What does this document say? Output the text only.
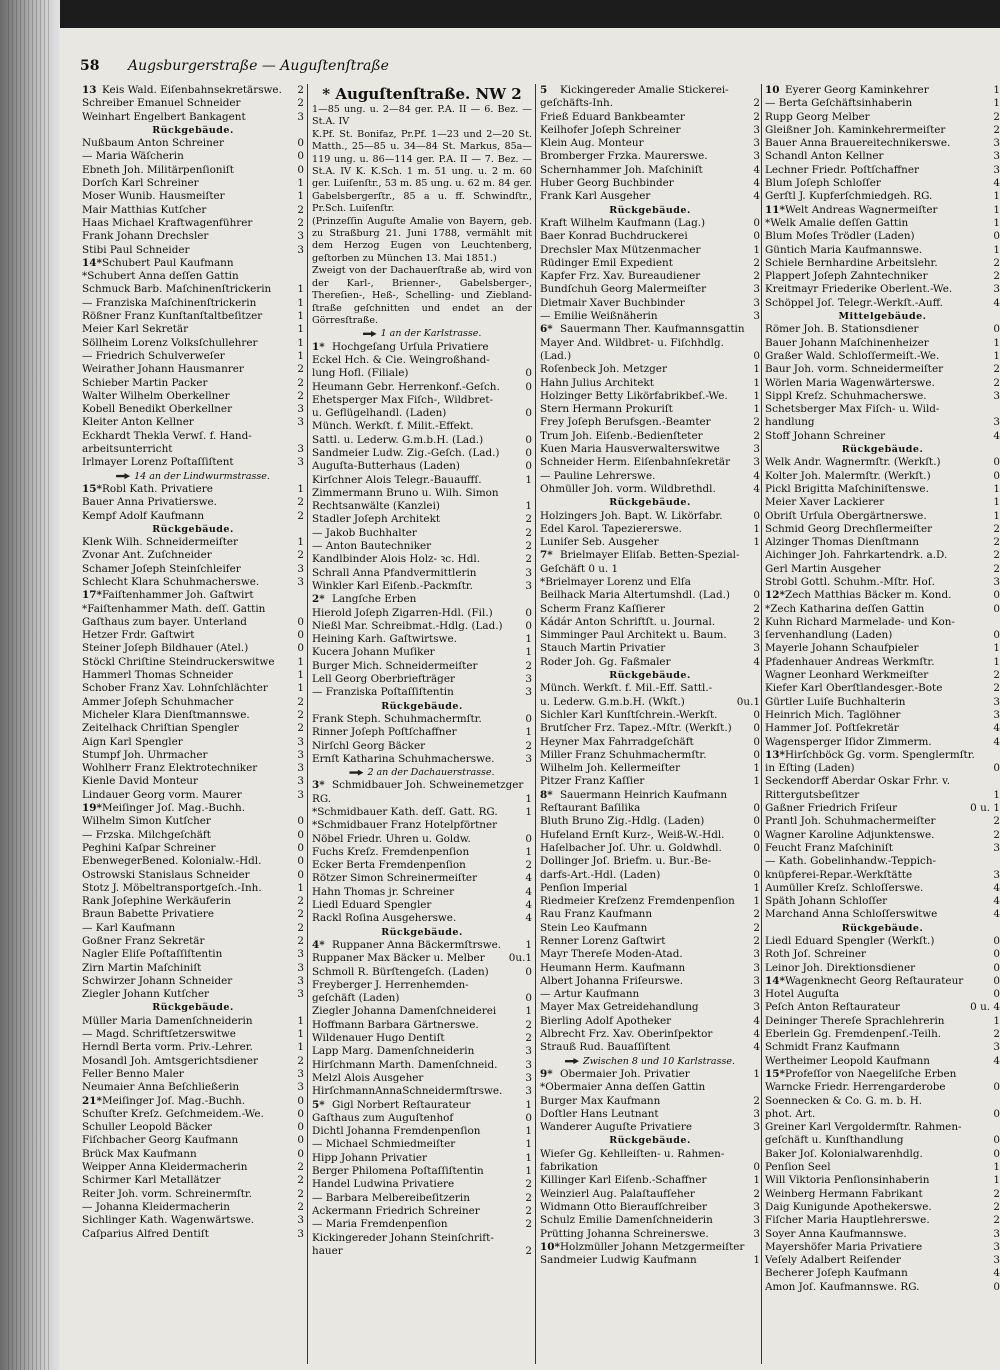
58 Augsburgerstraße — Auguſtenſtraße
13 Keis Wald. Eiſenbahnsekretärswe. 2
Schreiber Emanuel Schneider	2
Weinhart Engelbert Bankagent	3
Rückgebäude.
Nußbaum Anton Schreiner	0
— Maria Wäſcherin	0
Ebneth Joh. Militärpenſioniſt	0
Dorſch Karl Schreiner	1
Moser Wunib. Hausmeiſter	1
Mair Matthias Kutſcher	2
Haas Michael Kraftwagenführer	2
Frank Johann Drechsler	3
Stibi Paul Schneider	3
14*Schubert Paul Kaufmann
*Schubert Anna deſſen Gattin
Schmuck Barb. Maſchinenſtrickerin	1
— Franziska Maſchinenſtrickerin	1
Rößner Franz Kunſtanſtaltbeſitzer	1
Meier Karl Sekretär	1
Söllheim Lorenz Volksſchullehrer	1
— Friedrich Schulverweſer	1
Weirather Johann Hausmanrer	2
Schieber Martin Packer	2
Walter Wilhelm Oberkellner	2
Kobell Benedikt Oberkellner	3
Kleiter Anton Kellner	3
Eckhardt Thekla Verwſ. f. Hand-
arbeitsunterricht	3
Irlmayer Lorenz Poſtaſſiſtent	3
14 an der Lindwurmstrasse.
15*Robl Kath. Privatiere	1
Bauer Anna Privatierswe.	2
Kempf Adolf Kaufmann	2
Rückgebäude.
Klenk Wilh. Schneidermeiſter	1
Zvonar Ant. Zuſchneider	2
Schamer Joſeph Steinſchleifer	3
Schlecht Klara Schuhmacherswe.	3
17*Faiſtenhammer Joh. Gaſtwirt
*Faiſtenhammer Math. deſſ. Gattin
Gaſthaus zum bayer. Unterland	0
Hetzer Frdr. Gaſtwirt	0
Steiner Joſeph Bildhauer (Atel.)	0
Stöckl Chriſtine Steindruckerswitwe 1
Hammerl Thomas Schneider	1
Schober Franz Xav. Lohnſchlächter	1
Ammer Joſeph Schuhmacher	2
Micheler Klara Dienſtmannswe.	2
Zeitelhack Chriſtian Spengler	2
Aign Karl Spengler	3
Stumpf Joh. Uhrmacher	3
Wohlherr Franz Elektrotechniker	3
Kienle David Monteur	3
Lindauer Georg vorm. Maurer	3
19*Meiſinger Joſ. Mag.-Buchh.
Wilhelm Simon Kutſcher	0
— Frzska. Milchgeſchäft	0
Peghini Kaſpar Schreiner	0
EbenwegerBened. Kolonialw.-Hdl.	0
Ostrowski Stanislaus Schneider	0
Stotz J. Möbeltransportgeſch.-Inh.	1
Rank Joſephine Werkäuferin	2
Braun Babette Privatiere	2
— Karl Kaufmann	2
Goßner Franz Sekretär	2
Nagler Eliſe Poſtaſſiſtentin	3
Zirn Martin Maſchiniſt	3
Schwirzer Johann Schneider	3
Ziegler Johann Kutſcher	3
Rückgebäude.
Müller Maria Damenſchneiderin	1
— Magd. Schriftſetzerswitwe	1
Herndl Berta vorm. Priv.-Lehrer.	1
Mosandl Joh. Amtsgerichtsdiener	2
Feller Benno Maler	3
Neumaier Anna Beſchließerin	3
21*Meiſinger Joſ. Mag.-Buchh.	0
Schuſter Kreſz. Geſchmeidem.-We.	0
Schuller Leopold Bäcker	0
Fiſchbacher Georg Kaufmann	0
Brück Max Kaufmann	0
Weipper Anna Kleidermacherin	2
Schirmer Karl Metallätzer	2
Reiter Joh. vorm. Schreinermſtr.	2
— Johanna Kleidermacherin	2
Sichlinger Kath. Wagenwärtswe.	3
Caſparius Alfred Dentiſt	3
* Auguſtenſtraße. NW 2
1—85 ung. u. 2—84 ger. P.A. II — 6. Bez. — St.A. IV
K.Pf. St. Bonifaz, Pr.Pf. 1—23 und 2—20 St. Matth., 25—85 u. 34—84 St. Markus, 85a—119 ung. u. 86—114 ger. P.A. II — 7. Bez. — St.A. IV K. K.Sch. 1 m. 51 ung. u. 2 m. 60 ger. Luiſenſtr., 53 m. 85 ung. u. 62 m. 84 ger. Gabelsbergerſtr., 85 a u. ff. Schwindſtr., Pr.Sch. Luiſenſtr.
(Prinzeſſin Auguſte Amalie von Bayern, geb. zu Straßburg 21. Juni 1788, vermählt mit dem Herzog Eugen von Leuchtenberg, geſtorben zu München 13. Mai 1851.)
Zweigt von der Dachauerſtraße ab, wird von der Karl-, Brienner-, Gabelsberger-, Thereſien-, Heß-, Schelling- und Zieblandſtraße geſchnitten und endet an der Görresſtraße.
1 an der Karlstrasse.
1* Hochgeſang Urſula Privatiere
Eckel Hch. & Cie. Weingroßhand-
lung Hofl. (Filiale)	0
Heumann Gebr. Herrenkonf.-Geſch. 0
Ehetsperger Max Fiſch-, Wildbret-
u. Geflügelhandl. (Laden)	0
Münch. Werkſt. f. Milit.-Effekt.
Sattl. u. Lederw. G.m.b.H. (Lad.)	0
Sandmeier Ludw. Zig.-Geſch. (Lad.) 0
Auguſta-Butterhaus (Laden)	0
Kirſchner Alois Telegr.-Bauauffſ.	1
Zimmermann Bruno u. Wilh. Simon
Rechtsanwälte (Kanzlei)	1
Stadler Joſeph Architekt	2
— Jakob Buchhalter	2
— Anton Bautechniker	2
Kandlbinder Alois Holz- ꝛc. Hdl.	2
Schrall Anna Pfandvermittlerin	3
Winkler Karl Eiſenb.-Packmſtr.	3
2* Langſche Erben
Hierold Joſeph Zigarren-Hdl. (Fil.)	0
Nießl Mar. Schreibmat.-Hdlg. (Lad.) 0
Heining Karh. Gaſtwirtswe.	1
Kucera Johann Muſiker	1
Burger Mich. Schneidermeiſter	2
Lell Georg Oberbriefträger	3
— Franziska Poſtaſſiſtentin	3
Rückgebäude.
Frank Steph. Schuhmachermſtr.	0
Rinner Joſeph Poſtſchaffner	1
Nirſchl Georg Bäcker	2
Ernſt Katharina Schuhmacherswe.	3
2 an der Dachauerstrasse.
3* Schmidbauer Joh. Schweinemetzger
RG.	1
*Schmidbauer Kath. deſſ. Gatt. RG.	1
*Schmidbauer Franz Hotelpförtner
Nöbel Friedr. Uhren u. Goldw.	0
Fuchs Kreſz. Fremdenpenſion	1
Ecker Berta Fremdenpenſion	2
Rötzer Simon Schreinermeiſter	4
Hahn Thomas jr. Schreiner	4
Liedl Eduard Spengler	4
Rackl Roſina Ausgeherswe.	4
Rückgebäude.
4* Ruppaner Anna Bäckermſtrswe. 1
Ruppaner Max Bäcker u. Melber 0u.1
Schmoll R. Bürſtengeſch. (Laden)	0
Freyberger J. Herrenhemden-
geſchäft (Laden)	0
Ziegler Johanna Damenſchneiderei	1
Hoffmann Barbara Gärtnerswe.	2
Wildenauer Hugo Dentiſt	2
Lapp Marg. Damenſchneiderin	3
Hirſchmann Marth. Damenſchneid.	3
Melzl Alois Ausgeher	3
HirſchmannAnnaSchneidermſtrswe. 3
5* Gigl Norbert Reſtaurateur	1
Gaſthaus zum Auguſtenhof	0
Dichtl Johanna Fremdenpenſion	1
— Michael Schmiedmeiſter	1
Hipp Johann Privatier	1
Berger Philomena Poſtaſſiſtentin	1
Handel Ludwina Privatiere	2
— Barbara Melbereibeſitzerin	2
Ackermann Friedrich Schreiner	2
— Maria Fremdenpenſion	2
Kickingereder Johann Steinſchrift-
hauer	2
5 Kickingereder Amalie Stickerei-
geſchäfts-Inh.	2
Frieß Eduard Bankbeamter	2
Keilhofer Joſeph Schreiner	3
Klein Aug. Monteur	3
Bromberger Frzka. Maurerswe.	3
Schernhammer Joh. Maſchiniſt	4
Huber Georg Buchbinder	4
Frank Karl Ausgeher	4
Rückgebäude.
Kraft Wilhelm Kaufmann (Lag.)	0
Baer Konrad Buchdruckerei	0
Drechsler Max Mützenmacher	1
Rüdinger Emil Expedient	2
Kapfer Frz. Xav. Bureaudiener	2
Bundſchuh Georg Malermeiſter	3
Dietmair Xaver Buchbinder	3
— Emilie Weißnäherin	3
6* Sauermann Ther. Kaufmannsgattin
Mayer And. Wildbret- u. Fiſchhdlg.
(Lad.)	0
Roſenbeck Joh. Metzger	1
Hahn Julius Architekt	1
Holzinger Betty Likörfabrikbeſ.-We. 1
Stern Hermann Prokuriſt	1
Frey Joſeph Berufsgen.-Beamter	2
Trum Joh. Eiſenb.-Bedienſteter	2
Kuen Maria Hausverwalterswitwe	3
Schneider Herm. Eiſenbahnſekretär 3
— Pauline Lehrerswe.	4
Ohmüller Joh. vorm. Wildbrethdl.	4
Rückgebäude.
Holzingers Joh. Bapt. W. Likörfabr.	0
Edel Karol. Tapeziererswe.	1
Luniſer Seb. Ausgeher	1
7* Brielmayer Eliſab. Betten-Spezial-
Geſchäft 0 u. 1
*Brielmayer Lorenz und Elſa
Beilhack Maria Altertumshdl. (Lad.) 0
Scherm Franz Kaſſierer	2
Kádár Anton Schriftſt. u. Journal.	2
Simminger Paul Architekt u. Baum.	3
Stauch Martin Privatier	3
Roder Joh. Gg. Faßmaler	4
Rückgebäude.
Münch. Werkſt. f. Mil.-Eff. Sattl.-
u. Lederw. G.m.b.H. (Wkſt.)	0u.1
Sichler Karl Kunſtſchrein.-Werkſt.	0
Brutſcher Frz. Tapez.-Mſtr. (Werkſt.) 0
Heyner Max Fahrradgeſchäft	0
Miller Franz Schuhmachermſtr.	0
Wilhelm Joh. Kellermeiſter	1
Pitzer Franz Kaſſier	1
8* Sauermann Heinrich Kaufmann
Reſtaurant Baſilika	0
Bluth Bruno Zig.-Hdlg. (Laden)	0
Hufeland Ernſt Kurz-, Weiß-W.-Hdl.	0
Haſelbacher Joſ. Uhr. u. Goldwhdl.	0
Dollinger Joſ. Briefm. u. Bur.-Be-
darfs-Art.-Hdl. (Laden)	0
Penſion Imperial	1
Riedmeier Kreſzenz Fremdenpenſion 1
Rau Franz Kaufmann	2
Stein Leo Kaufmann	2
Renner Lorenz Gaſtwirt	2
Mayr Thereſe Moden-Atad.	3
Heumann Herm. Kaufmann	3
Albert Johanna Friſeurswe.	3
— Artur Kaufmann	3
Mayer Max Getreidehandlung	3
Bierling Adolf Apotheker	4
Albrecht Frz. Xav. Oberinſpektor	4
Strauß Rud. Bauaſſiſtent	4
Zwischen 8 und 10 Karlstrasse.
9* Obermaier Joh. Privatier	1
*Obermaier Anna deſſen Gattin
Burger Max Kaufmann	2
Doſtler Hans Leutnant	3
Wanderer Auguſte Privatiere	3
Rückgebäude.
Wieſer Gg. Kehlleiſten- u. Rahmen-
fabrikation	0
Killinger Karl Eiſenb.-Schaffner	1
Weinzierl Aug. Palaſtaufſeher	2
Widmann Otto Bieraufſchreiber	3
Schulz Emilie Damenſchneiderin	3
Prütting Johanna Schreinerswe.	3
10*Holzmüller Johann Metzgermeiſter
Sandmeier Ludwig Kaufmann	1
10 Eyerer Georg Kaminkehrer	1
— Berta Geſchäftsinhaberin	1
Rupp Georg Melber	2
Gleißner Joh. Kaminkehrermeiſter	2
Bauer Anna Brauereitechnikerswe.	3
Schandl Anton Kellner	3
Lechner Friedr. Poſtſchaffner	3
Blum Joſeph Schloſſer	4
Gerſtl J. Kupferſchmiedgeh. RG.	1
11*Welt Andreas Wagnermeiſter	1
*Welk Amalie deſſen Gattin	1
Blum Moſes Trödler (Laden)	0
Güntich Maria Kaufmannswe.	1
Schiele Bernhardine Arbeitslehr.	2
Plappert Joſeph Zahntechniker	2
Kreitmayr Friederike Oberlent.-We.	3
Schöppel Joſ. Telegr.-Werkſt.-Auff.	4
Mittelgebäude.
Römer Joh. B. Stationsdiener	0
Bauer Johann Maſchinenheizer	1
Graßer Wald. Schloſſermeiſt.-We.	1
Baur Joh. vorm. Schneidermeiſter	2
Wörlen Maria Wagenwärterswe.	2
Sippl Kreſz. Schuhmacherswe.	3
Schetsberger Max Fiſch- u. Wild-
handlung	3
Stoff Johann Schreiner	4
Rückgebäude.
Welk Andr. Wagnermſtr. (Werkſt.)	0
Kolter Joh. Malermſtr. (Werkſt.)	0
Pickl Brigitta Maſchiniſtenswe.	1
Meier Xaver Lackierer	1
Obriſt Urſula Obergärtnerswe.	1
Schmid Georg Drechſlermeiſter	2
Alzinger Thomas Dienſtmann	2
Aichinger Joh. Fahrkartendrk. a.D.	2
Gerl Martin Ausgeher	2
Strobl Gottl. Schuhm.-Mſtr. Hoſ.	3
12*Zech Matthias Bäcker m. Kond.	0
*Zech Katharina deſſen Gattin	0
Kuhn Richard Marmelade- und Kon-
ſervenhandlung (Laden)	0
Mayerle Johann Schaufpieler	1
Pfadenhauer Andreas Werkmſtr.	1
Wagner Leonhard Werkmeiſter	2
Kiefer Karl Oberſtlandesger.-Bote	2
Gürtler Luiſe Buchhalterin	3
Heinrich Mich. Taglöhner	3
Hammer Joſ. Poſtſekretär	4
Wagensperger Iſidor Zimmerm.	4
13*Hirſchböck Gg. vorm. Spenglermſtr.
in Eſting (Laden)	0
Seckendorff Aberdar Oskar Frhr. v.
Rittergutsbeſitzer	1
Gaßner Friedrich Friſeur	0 u. 1
Prantl Joh. Schuhmachermeiſter	2
Wagner Karoline Adjunktenswe.	2
Feucht Franz Maſchiniſt	3
— Kath. Gobelinhandw.-Teppich-
knüpferei-Repar.-Werkſtätte	3
Aumüller Kreſz. Schloſſerswe.	4
Späth Johann Schloſſer	4
Marchand Anna Schloſſerswitwe	4
Rückgebäude.
Liedl Eduard Spengler (Werkſt.)	0
Roth Joſ. Schreiner	0
Leinor Joh. Direktionsdiener	0
14*Wagenknecht Georg Reſtaurateur	0
Hotel Auguſta	0
Peſch Anton Reſtaurateur	0 u. 4
Deininger Thereſe Sprachlehrerin	1
Eberlein Gg. Fremdenpenſ.-Teilh.	2
Schmidt Franz Kaufmann	3
Wertheimer Leopold Kaufmann	4
15*Profeſſor von Naegeliſche Erben
Warncke Friedr. Herrengarderobe	0
Soennecken & Co. G. m. b. H.
phot. Art.	0
Greiner Karl Vergoldermſtr. Rahmen-
geſchäft u. Kunſthandlung	0
Baker Joſ. Kolonialwarenhdlg.	0
Penſion Seel	1
Will Viktoria Penſionsinhaberin	1
Weinberg Hermann Fabrikant	2
Daig Kunigunde Apothekerswe.	2
Fiſcher Maria Hauptlehrerswe.	2
Soyer Anna Kaufmannswe.	3
Mayershöfer Maria Privatiere	3
Veſely Adalbert Reiſender	3
Becherer Joſeph Kaufmann	4
Amon Joſ. Kaufmannswe. RG.	0
